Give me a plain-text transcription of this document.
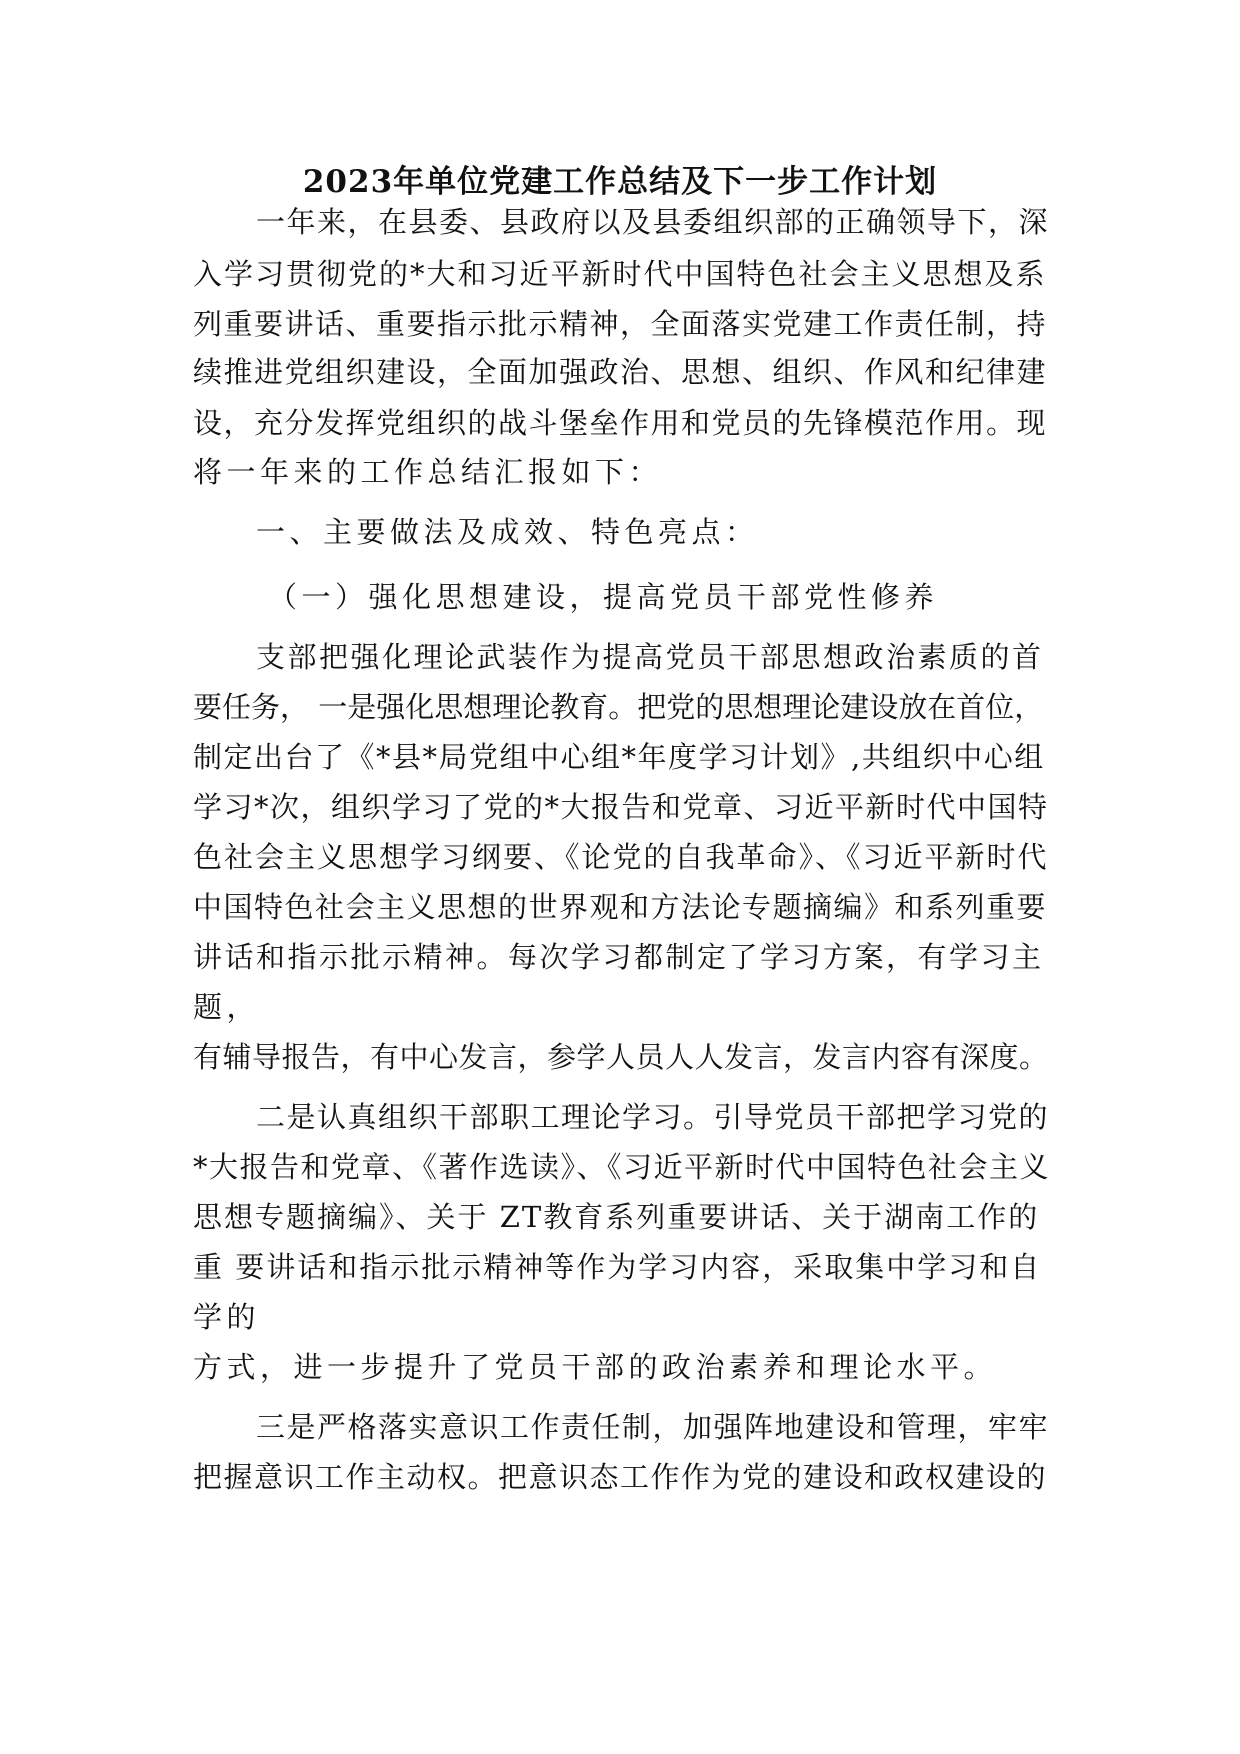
2023年单位党建工作总结及下一步工作计划

一年来，在县委、县政府以及县委组织部的正确领导下，深

入学习贯彻党的*大和习近平新时代中国特色社会主义思想及系

列重要讲话、重要指示批示精神，全面落实党建工作责任制，持

续推进党组织建设，全面加强政治、思想、组织、作风和纪律建

设，充分发挥党组织的战斗堡垒作用和党员的先锋模范作用。现

将一年来的工作总结汇报如下：

一、主要做法及成效、特色亮点：

（一）强化思想建设，提高党员干部党性修养

支部把强化理论武装作为提高党员干部思想政治素质的首

要任务， 一是强化思想理论教育。把党的思想理论建设放在首位，

制定出台了《*县*局党组中心组*年度学习计划》,共组织中心组

学习*次，组织学习了党的*大报告和党章、习近平新时代中国特

色社会主义思想学习纲要、《论党的自我革命》、《习近平新时代

中国特色社会主义思想的世界观和方法论专题摘编》和系列重要

讲话和指示批示精神。每次学习都制定了学习方案，有学习主

题，

有辅导报告，有中心发言，参学人员人人发言，发言内容有深度。

二是认真组织干部职工理论学习。引导党员干部把学习党的

*大报告和党章、《著作选读》、《习近平新时代中国特色社会主义

思想专题摘编》、关于 ZT教育系列重要讲话、关于湖南工作的

重 要讲话和指示批示精神等作为学习内容，采取集中学习和自

学的

方式，进一步提升了党员干部的政治素养和理论水平。

三是严格落实意识工作责任制，加强阵地建设和管理，牢牢

把握意识工作主动权。把意识态工作作为党的建设和政权建设的
